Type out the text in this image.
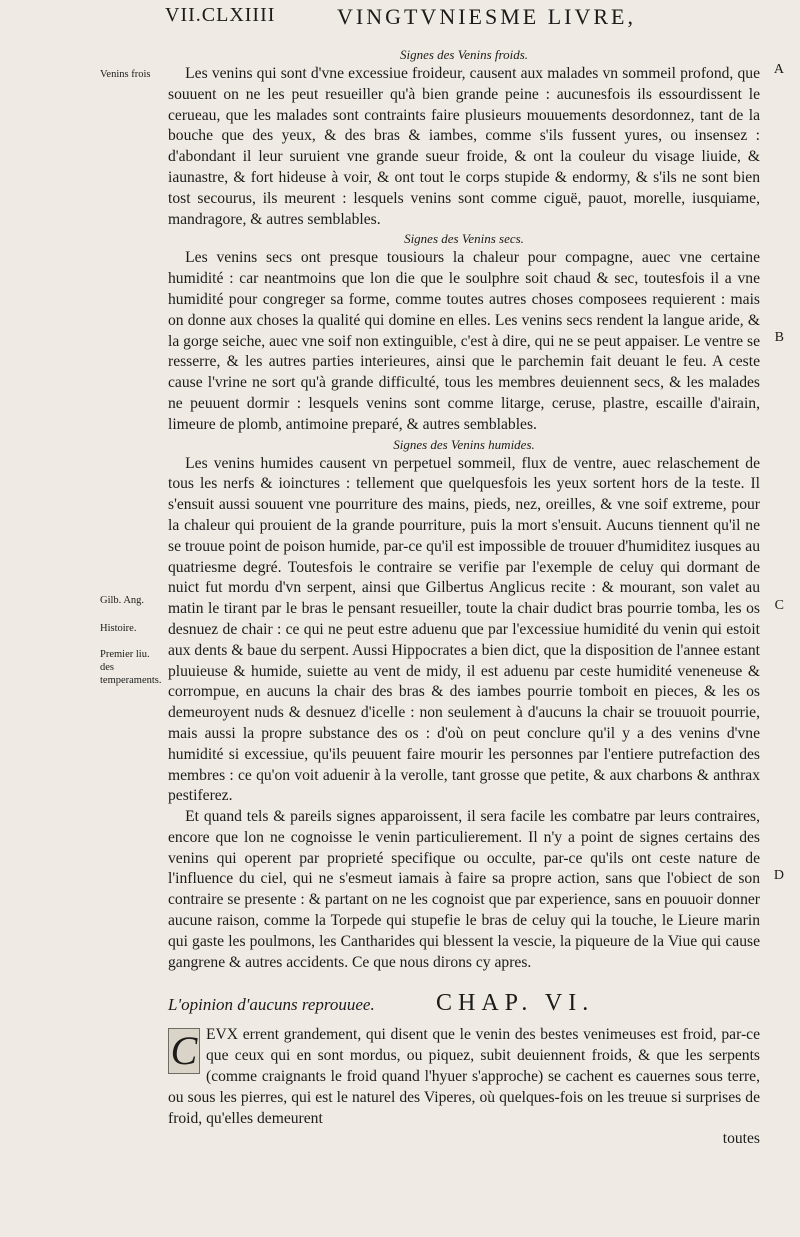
VII.CLXIIII	VINGTVNIESME LIVRE,
Venins frois
Gilb. Ang.
Histoire.
Premier liu. des temperaments.
A
B
C
D
Signes des Venins froids.

Les venins qui sont d'vne excessiue froideur, causent aux malades vn sommeil profond, que souuent on ne les peut resueiller qu'à bien grande peine : aucunesfois ils essourdissent le cerueau, que les malades sont contraints faire plusieurs mouuements desordonnez, tant de la bouche que des yeux, & des bras & iambes, comme s'ils fussent yures, ou insensez : d'abondant il leur suruient vne grande sueur froide, & ont la couleur du visage liuide, & iaunastre, & fort hideuse à voir, & ont tout le corps stupide & endormy, & s'ils ne sont bien tost secourus, ils meurent : lesquels venins sont comme ciguë, pauot, morelle, iusquiame, mandragore, & autres semblables.

Signes des Venins secs.

Les venins secs ont presque tousiours la chaleur pour compagne, auec vne certaine humidité : car neantmoins que lon die que le soulphre soit chaud & sec, toutesfois il a vne humidité pour congreger sa forme, comme toutes autres choses composees requierent : mais on donne aux choses la qualité qui domine en elles. Les venins secs rendent la langue aride, & la gorge seiche, auec vne soif non extinguible, c'est à dire, qui ne se peut appaiser. Le ventre se resserre, & les autres parties interieures, ainsi que le parchemin fait deuant le feu. A ceste cause l'vrine ne sort qu'à grande difficulté, tous les membres deuiennent secs, & les malades ne peuuent dormir : lesquels venins sont comme litarge, ceruse, plastre, escaille d'airain, limeure de plomb, antimoine preparé, & autres semblables.

Signes des Venins humides.

Les venins humides causent vn perpetuel sommeil, flux de ventre, auec relaschement de tous les nerfs & ioinctures : tellement que quelquesfois les yeux sortent hors de la teste. Il s'ensuit aussi souuent vne pourriture des mains, pieds, nez, oreilles, & vne soif extreme, pour la chaleur qui prouient de la grande pourriture, puis la mort s'ensuit. Aucuns tiennent qu'il ne se trouue point de poison humide, par-ce qu'il est impossible de trouuer d'humiditez iusques au quatriesme degré. Toutesfois le contraire se verifie par l'exemple de celuy qui dormant de nuict fut mordu d'vn serpent, ainsi que Gilbertus Anglicus recite : & mourant, son valet au matin le tirant par le bras le pensant resueiller, toute la chair dudict bras pourrie tomba, les os desnuez de chair : ce qui ne peut estre aduenu que par l'excessiue humidité du venin qui estoit aux dents & baue du serpent. Aussi Hippocrates a bien dict, que la disposition de l'annee estant pluuieuse & humide, suiette au vent de midy, il est aduenu par ceste humidité veneneuse & corrompue, en aucuns la chair des bras & des iambes pourrie tomboit en pieces, & les os demeuroyent nuds & desnuez d'icelle : non seulement à d'aucuns la chair se trouuoit pourrie, mais aussi la propre substance des os : d'où on peut conclure qu'il y a des venins d'vne humidité si excessiue, qu'ils peuuent faire mourir les personnes par l'entiere putrefaction des membres : ce qu'on voit aduenir à la verolle, tant grosse que petite, & aux charbons & anthrax pestiferez.

Et quand tels & pareils signes apparoissent, il sera facile les combatre par leurs contraires, encore que lon ne cognoisse le venin particulierement. Il n'y a point de signes certains des venins qui operent par proprieté specifique ou occulte, par-ce qu'ils ont ceste nature de l'influence du ciel, qui ne s'esmeut iamais à faire sa propre action, sans que l'obiect de son contraire se presente : & partant on ne les cognoist que par experience, sans en pouuoir donner aucune raison, comme la Torpede qui stupefie le bras de celuy qui la touche, le Lieure marin qui gaste les poulmons, les Cantharides qui blessent la vescie, la piqueure de la Viue qui cause gangrene & autres accidents. Ce que nous dirons cy apres.

L'opinion d'aucuns reprouuee.	CHAP. VI.
C EVX errent grandement, qui disent que le venin des bestes venimeuses est froid, par-ce que ceux qui en sont mordus, ou piquez, subit deuiennent froids, & que les serpents (comme craignants le froid quand l'hyuer s'approche) se cachent es cauernes sous terre, ou sous les pierres, qui est le naturel des Viperes, où quelques-fois on les treuue si surprises de froid, qu'elles demeurent

toutes
